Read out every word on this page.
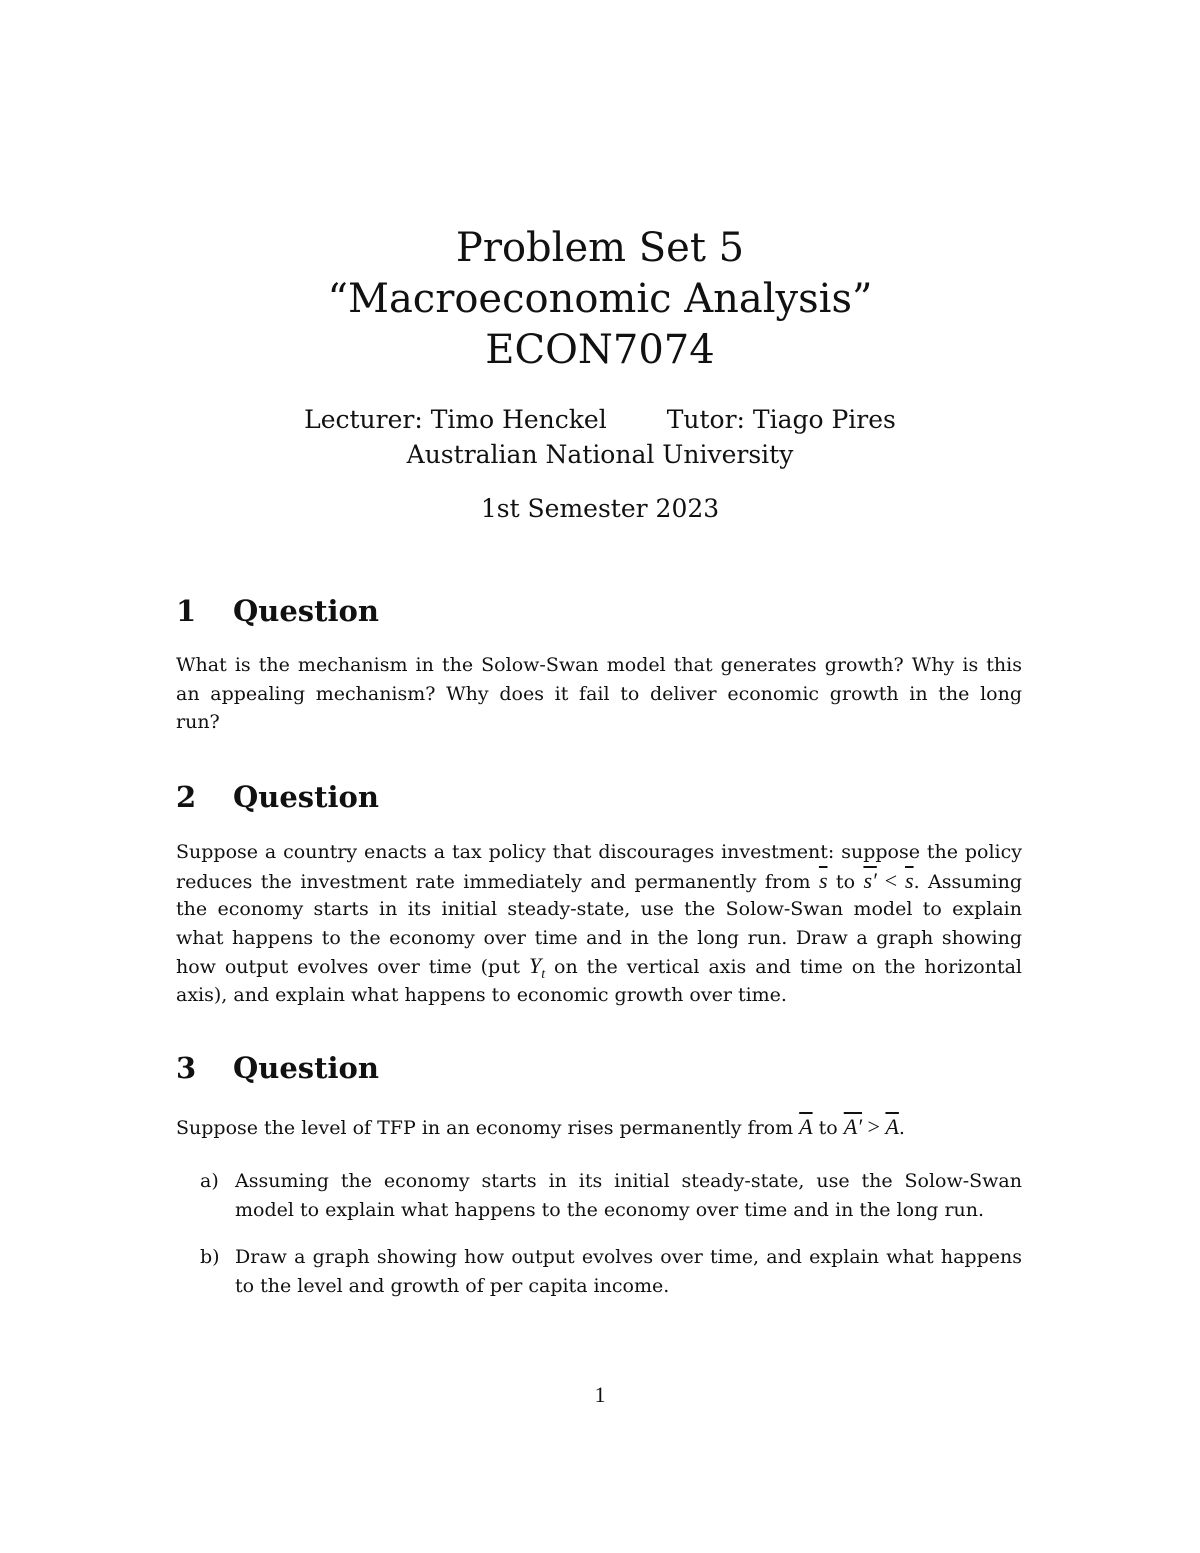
Problem Set 5
“Macroeconomic Analysis”
ECON7074
Lecturer: Timo Henckel Tutor: Tiago Pires
Australian National University
1st Semester 2023
1 Question
What is the mechanism in the Solow-Swan model that generates growth? Why is this
an appealing mechanism? Why does it fail to deliver economic growth in the long
run?
2 Question
Suppose a country enacts a tax policy that discourages investment: suppose the policy
reduces the investment rate immediately and permanently from $\overline{s}$ to $s' < \overline{s}$. Assuming
the economy starts in its initial steady-state, use the Solow-Swan model to explain
what happens to the economy over time and in the long run. Draw a graph showing
how output evolves over time (put $Y_t$ on the vertical axis and time on the horizontal
axis), and explain what happens to economic growth over time.
3 Question
Suppose the level of TFP in an economy rises permanently from $\overline{A}$ to $A' > \overline{A}$.
a) Assuming the economy starts in its initial steady-state, use the Solow-Swan
model to explain what happens to the economy over time and in the long run.
b) Draw a graph showing how output evolves over time, and explain what happens
to the level and growth of per capita income.
1
